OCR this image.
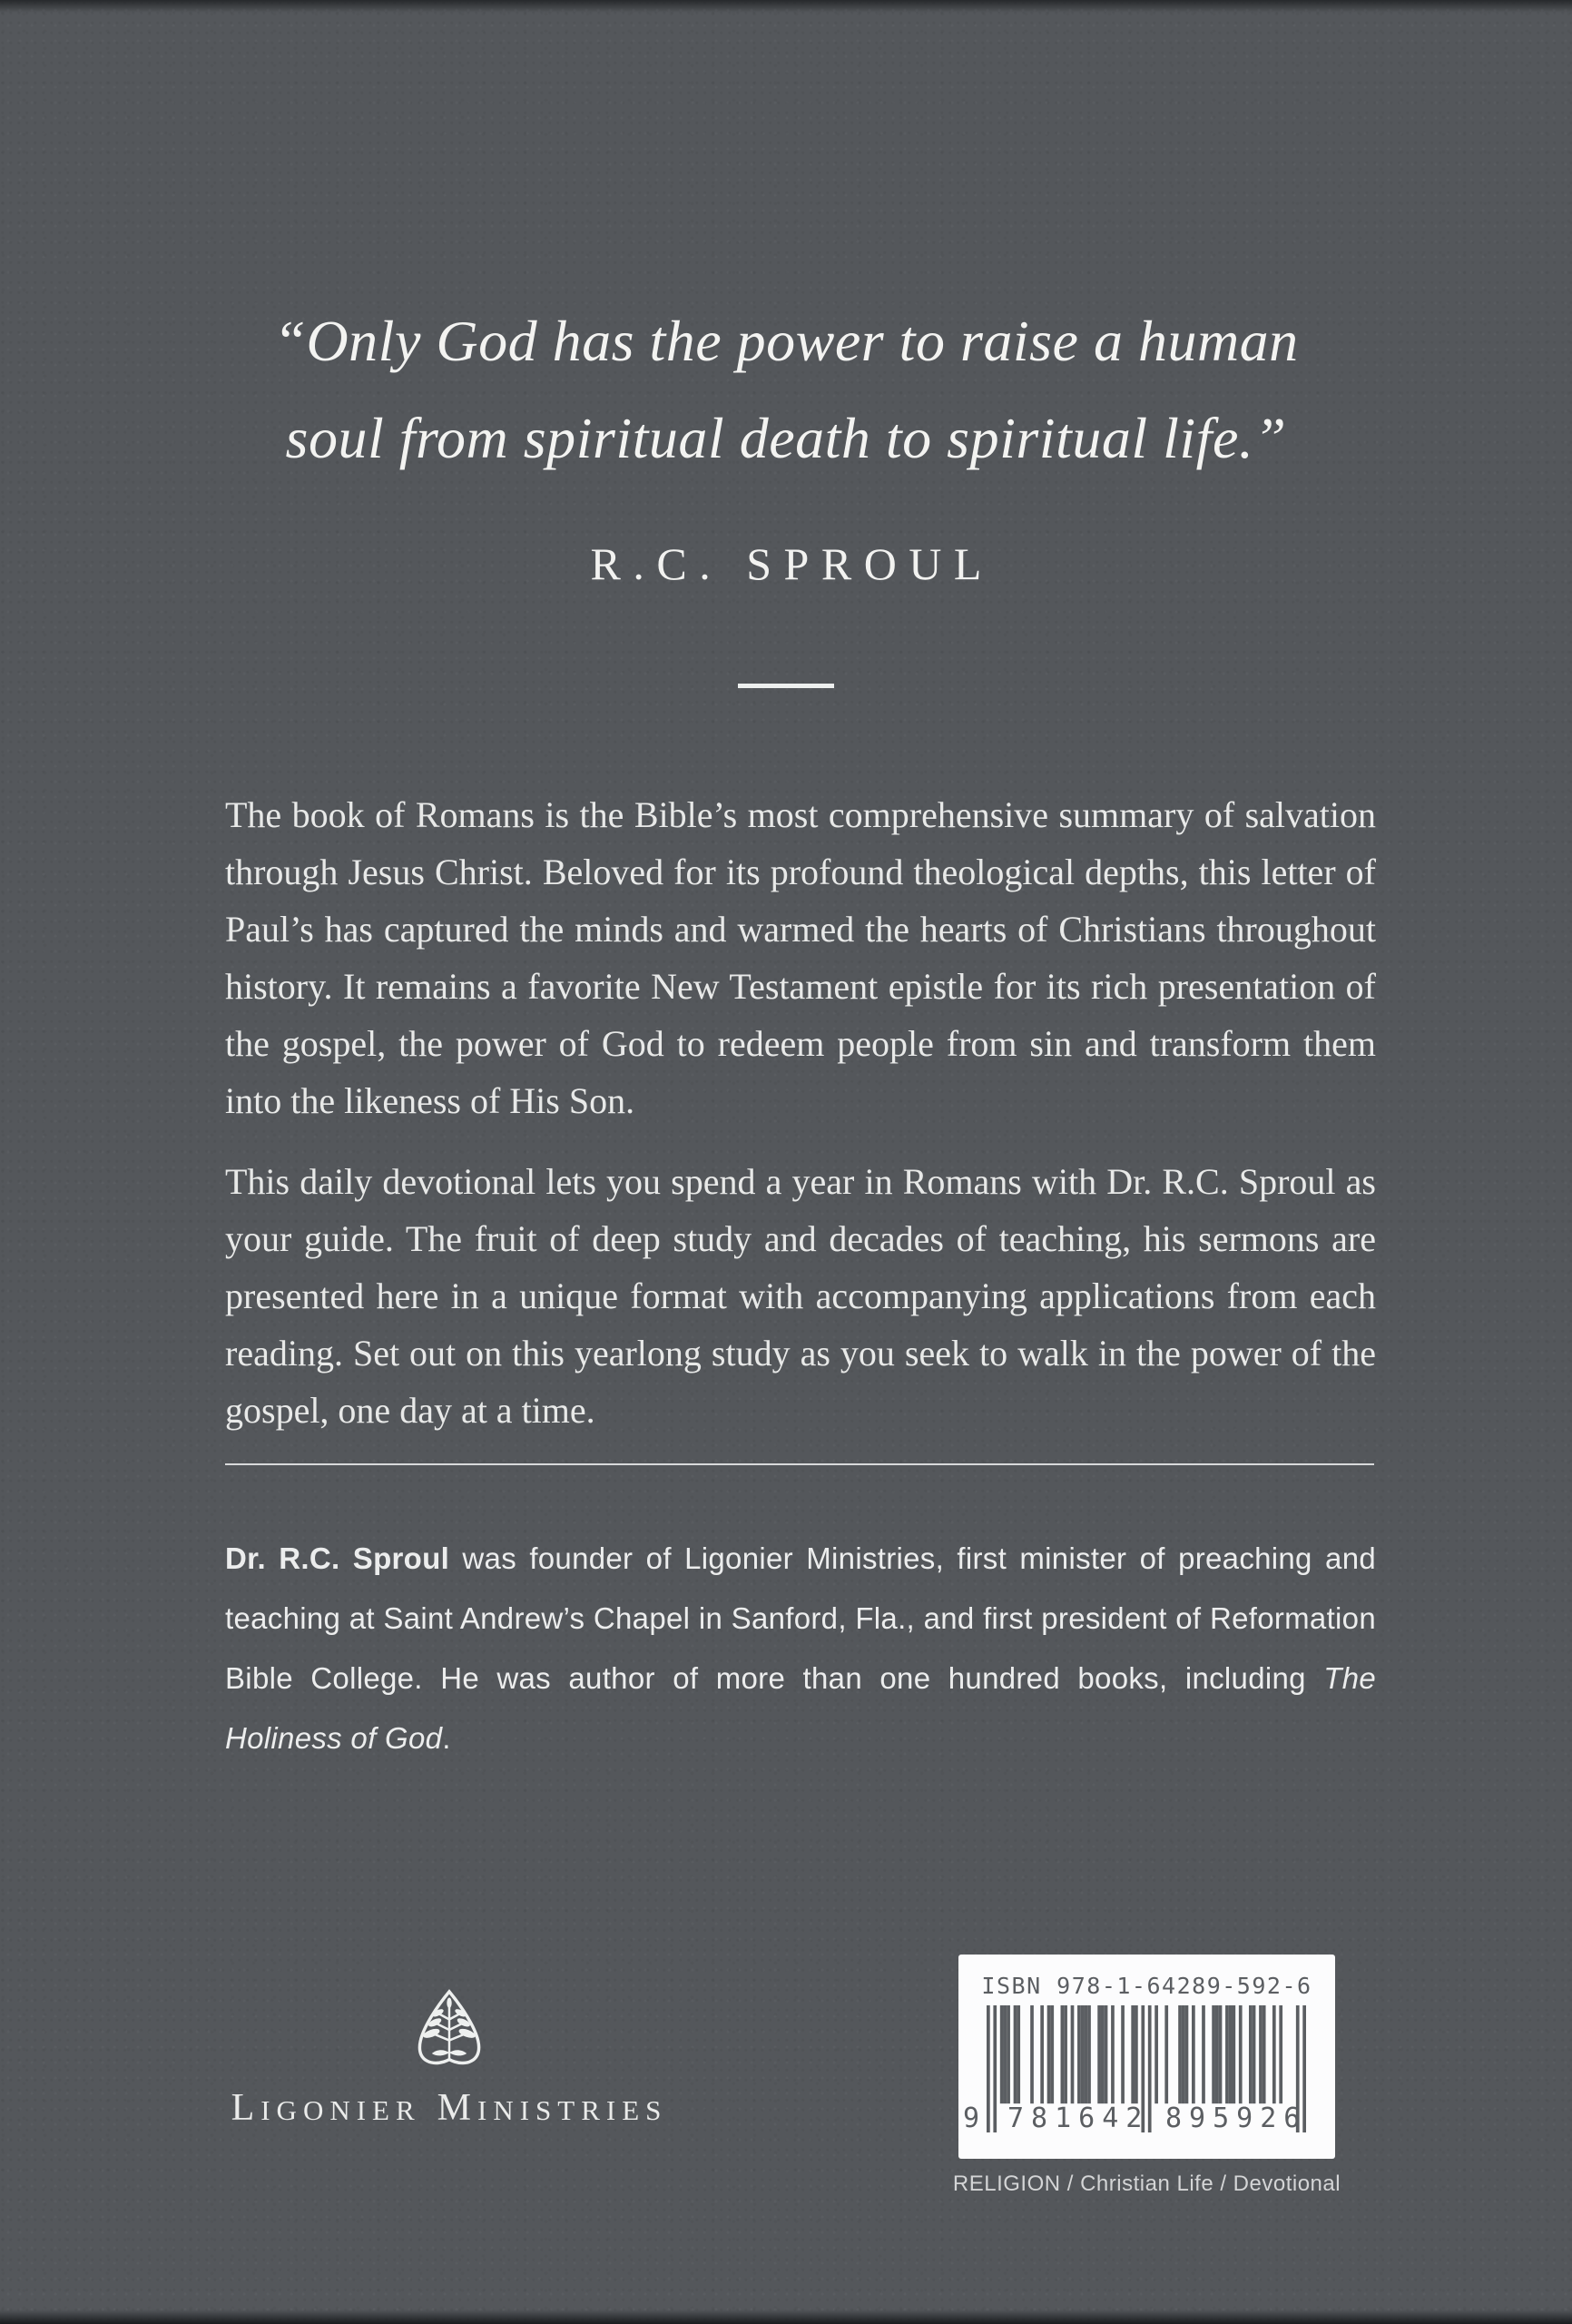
“Only God has the power to raise a human
soul from spiritual death to spiritual life.”
R.C. SPROUL
The book of Romans is the Bible’s most comprehensive summary of salvation through Jesus Christ. Beloved for its profound theological depths, this letter of Paul’s has captured the minds and warmed the hearts of Christians throughout history. It remains a favorite New Testament epistle for its rich presentation of the gospel, the power of God to redeem people from sin and transform them into the likeness of His Son.
This daily devotional lets you spend a year in Romans with Dr. R.C. Sproul as your guide. The fruit of deep study and decades of teaching, his sermons are presented here in a unique format with accompanying applications from each reading. Set out on this yearlong study as you seek to walk in the power of the gospel, one day at a time.
Dr. R.C. Sproul was founder of Ligonier Ministries, first minister of preaching and teaching at Saint Andrew’s Chapel in Sanford, Fla., and first president of Reformation Bible College. He was author of more than one hundred books, including The Holiness of God.
LIGONIER MINISTRIES
ISBN 978-1-64289-592-6
9 781642 895926
RELIGION / Christian Life / Devotional
